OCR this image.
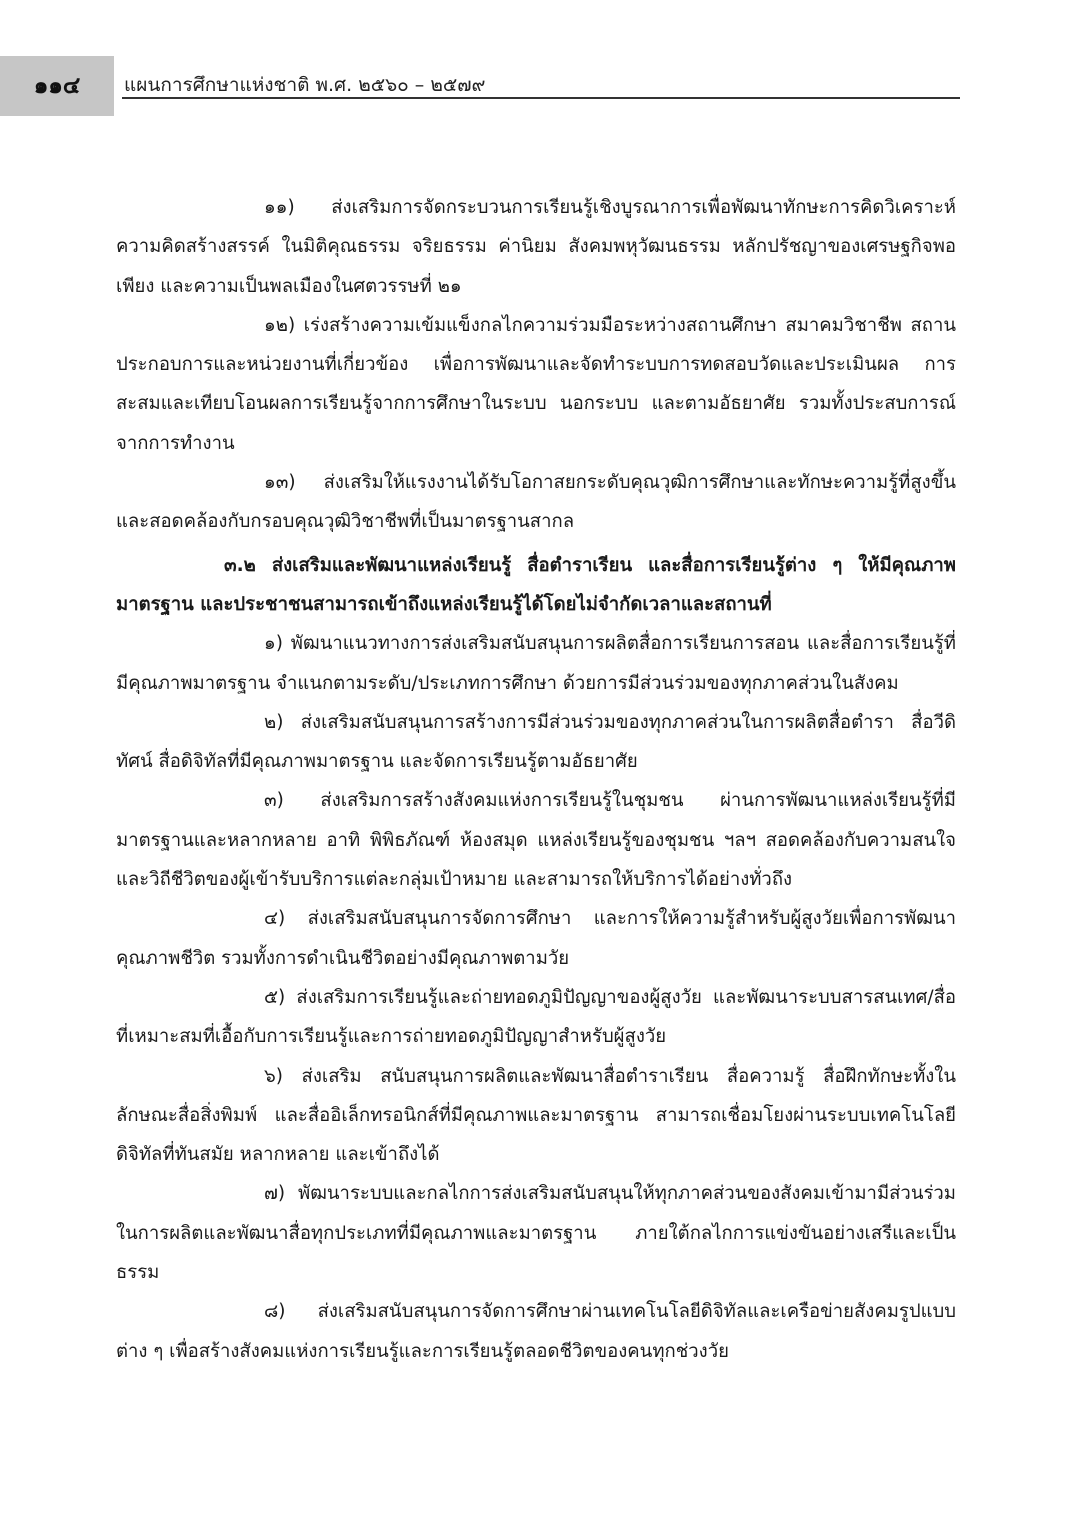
๑๑๔ แผนการศึกษาแห่งชาติ พ.ศ. ๒๕๖๐ – ๒๕๗๙

๑๑) ส่งเสริมการจัดกระบวนการเรียนรู้เชิงบูรณาการเพื่อพัฒนาทักษะการคิดวิเคราะห์ ความคิดสร้างสรรค์ ในมิติคุณธรรม จริยธรรม ค่านิยม สังคมพหุวัฒนธรรม หลักปรัชญาของเศรษฐกิจพอเพียง และความเป็นพลเมืองในศตวรรษที่ ๒๑

๑๒) เร่งสร้างความเข้มแข็งกลไกความร่วมมือระหว่างสถานศึกษา สมาคมวิชาชีพ สถานประกอบการและหน่วยงานที่เกี่ยวข้อง เพื่อการพัฒนาและจัดทำระบบการทดสอบวัดและประเมินผล การสะสมและเทียบโอนผลการเรียนรู้จากการศึกษาในระบบ นอกระบบ และตามอัธยาศัย รวมทั้งประสบการณ์จากการทำงาน

๑๓) ส่งเสริมให้แรงงานได้รับโอกาสยกระดับคุณวุฒิการศึกษาและทักษะความรู้ที่สูงขึ้น และสอดคล้องกับกรอบคุณวุฒิวิชาชีพที่เป็นมาตรฐานสากล

๓.๒ ส่งเสริมและพัฒนาแหล่งเรียนรู้ สื่อตำราเรียน และสื่อการเรียนรู้ต่าง ๆ ให้มีคุณภาพมาตรฐาน และประชาชนสามารถเข้าถึงแหล่งเรียนรู้ได้โดยไม่จำกัดเวลาและสถานที่

๑) พัฒนาแนวทางการส่งเสริมสนับสนุนการผลิตสื่อการเรียนการสอน และสื่อการเรียนรู้ที่มีคุณภาพมาตรฐาน จำแนกตามระดับ/ประเภทการศึกษา ด้วยการมีส่วนร่วมของทุกภาคส่วนในสังคม

๒) ส่งเสริมสนับสนุนการสร้างการมีส่วนร่วมของทุกภาคส่วนในการผลิตสื่อตำรา สื่อวีดิทัศน์ สื่อดิจิทัลที่มีคุณภาพมาตรฐาน และจัดการเรียนรู้ตามอัธยาศัย

๓) ส่งเสริมการสร้างสังคมแห่งการเรียนรู้ในชุมชน ผ่านการพัฒนาแหล่งเรียนรู้ที่มีมาตรฐานและหลากหลาย อาทิ พิพิธภัณฑ์ ห้องสมุด แหล่งเรียนรู้ของชุมชน ฯลฯ สอดคล้องกับความสนใจและวิถีชีวิตของผู้เข้ารับบริการแต่ละกลุ่มเป้าหมาย และสามารถให้บริการได้อย่างทั่วถึง

๔) ส่งเสริมสนับสนุนการจัดการศึกษา และการให้ความรู้สำหรับผู้สูงวัยเพื่อการพัฒนาคุณภาพชีวิต รวมทั้งการดำเนินชีวิตอย่างมีคุณภาพตามวัย

๕) ส่งเสริมการเรียนรู้และถ่ายทอดภูมิปัญญาของผู้สูงวัย และพัฒนาระบบสารสนเทศ/สื่อที่เหมาะสมที่เอื้อกับการเรียนรู้และการถ่ายทอดภูมิปัญญาสำหรับผู้สูงวัย

๖) ส่งเสริม สนับสนุนการผลิตและพัฒนาสื่อตำราเรียน สื่อความรู้ สื่อฝึกทักษะทั้งในลักษณะสื่อสิ่งพิมพ์ และสื่ออิเล็กทรอนิกส์ที่มีคุณภาพและมาตรฐาน สามารถเชื่อมโยงผ่านระบบเทคโนโลยีดิจิทัลที่ทันสมัย หลากหลาย และเข้าถึงได้

๗) พัฒนาระบบและกลไกการส่งเสริมสนับสนุนให้ทุกภาคส่วนของสังคมเข้ามามีส่วนร่วมในการผลิตและพัฒนาสื่อทุกประเภทที่มีคุณภาพและมาตรฐาน ภายใต้กลไกการแข่งขันอย่างเสรีและเป็นธรรม

๘) ส่งเสริมสนับสนุนการจัดการศึกษาผ่านเทคโนโลยีดิจิทัลและเครือข่ายสังคมรูปแบบต่าง ๆ เพื่อสร้างสังคมแห่งการเรียนรู้และการเรียนรู้ตลอดชีวิตของคนทุกช่วงวัย
